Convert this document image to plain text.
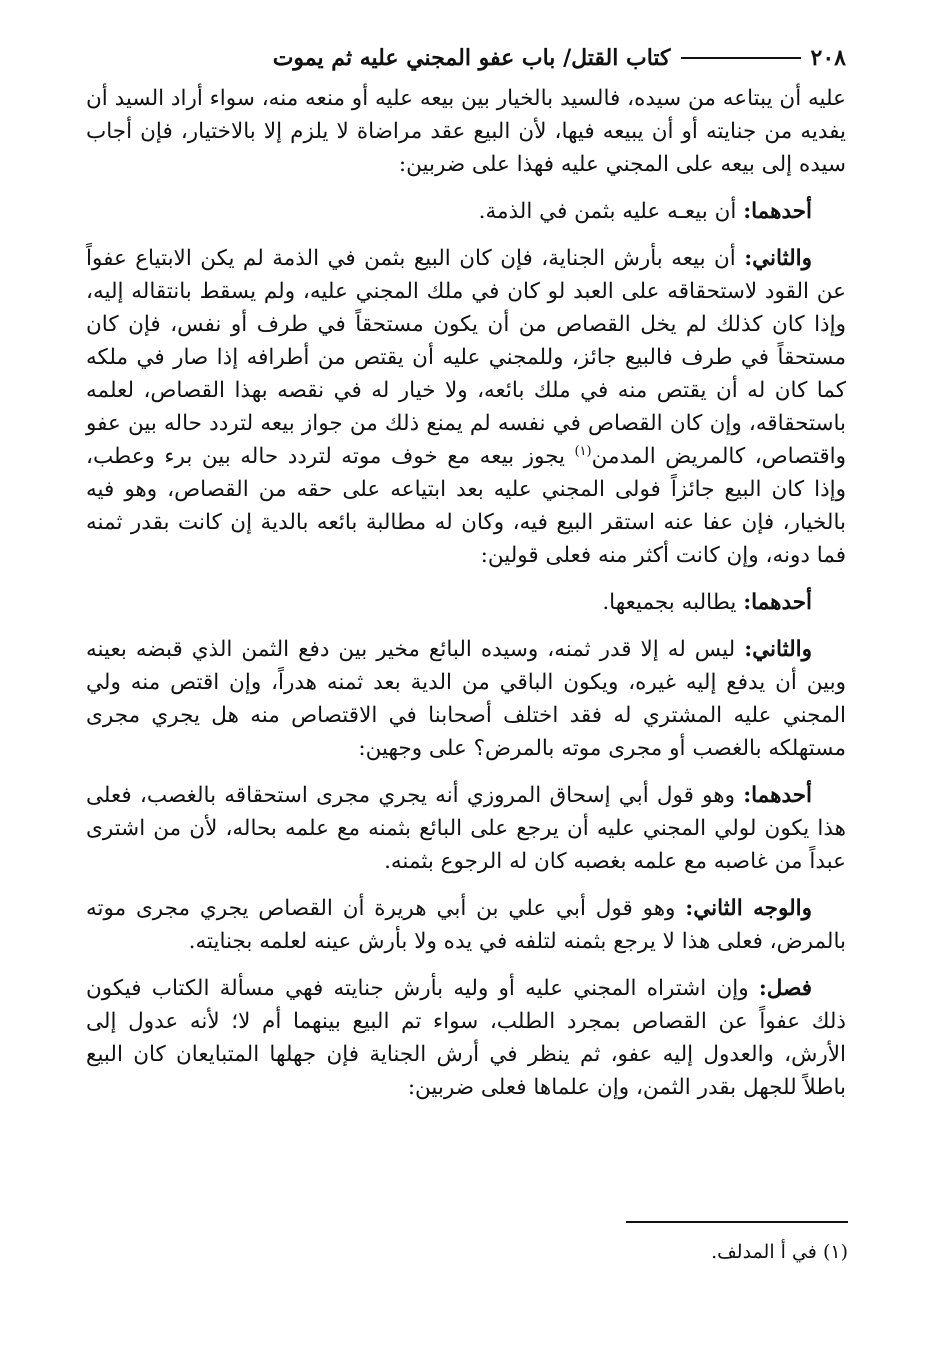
٢٠٨
كتاب القتل/ باب عفو المجني عليه ثم يموت

عليه أن يبتاعه من سيده، فالسيد بالخيار بين بيعه عليه أو منعه منه، سواء أراد السيد أن يفديه من جنايته أو أن يبيعه فيها، لأن البيع عقد مراضاة لا يلزم إلا بالاختيار، فإن أجاب سيده إلى بيعه على المجني عليه فهذا على ضربين:

أحدهما: أن بيعـه عليه بثمن في الذمة.

والثاني: أن بيعه بأرش الجناية، فإن كان البيع بثمن في الذمة لم يكن الابتياع عفواً عن القود لاستحقاقه على العبد لو كان في ملك المجني عليه، ولم يسقط بانتقاله إليه، وإذا كان كذلك لم يخل القصاص من أن يكون مستحقاً في طرف أو نفس، فإن كان مستحقاً في طرف فالبيع جائز، وللمجني عليه أن يقتص من أطرافه إذا صار في ملكه كما كان له أن يقتص منه في ملك بائعه، ولا خيار له في نقصه بهذا القصاص، لعلمه باستحقاقه، وإن كان القصاص في نفسه لم يمنع ذلك من جواز بيعه لتردد حاله بين عفو واقتصاص، كالمريض المدمن$^{(١)}$ يجوز بيعه مع خوف موته لتردد حاله بين برء وعطب، وإذا كان البيع جائزاً فولى المجني عليه بعد ابتياعه على حقه من القصاص، وهو فيه بالخيار، فإن عفا عنه استقر البيع فيه، وكان له مطالبة بائعه بالدية إن كانت بقدر ثمنه فما دونه، وإن كانت أكثر منه فعلى قولين:

أحدهما: يطالبه بجميعها.

والثاني: ليس له إلا قدر ثمنه، وسيده البائع مخير بين دفع الثمن الذي قبضه بعينه وبين أن يدفع إليه غيره، ويكون الباقي من الدية بعد ثمنه هدراً، وإن اقتص منه ولي المجني عليه المشتري له فقد اختلف أصحابنا في الاقتصاص منه هل يجري مجرى مستهلكه بالغصب أو مجرى موته بالمرض؟ على وجهين:

أحدهما: وهو قول أبي إسحاق المروزي أنه يجري مجرى استحقاقه بالغصب، فعلى هذا يكون لولي المجني عليه أن يرجع على البائع بثمنه مع علمه بحاله، لأن من اشترى عبداً من غاصبه مع علمه بغصبه كان له الرجوع بثمنه.

والوجه الثاني: وهو قول أبي علي بن أبي هريرة أن القصاص يجري مجرى موته بالمرض، فعلى هذا لا يرجع بثمنه لتلفه في يده ولا بأرش عينه لعلمه بجنايته.

فصل: وإن اشتراه المجني عليه أو وليه بأرش جنايته فهي مسألة الكتاب فيكون ذلك عفواً عن القصاص بمجرد الطلب، سواء تم البيع بينهما أم لا؛ لأنه عدول إلى الأرش، والعدول إليه عفو، ثم ينظر في أرش الجناية فإن جهلها المتبايعان كان البيع باطلاً للجهل بقدر الثمن، وإن علماها فعلى ضربين:

(١) في أ المدلف.
